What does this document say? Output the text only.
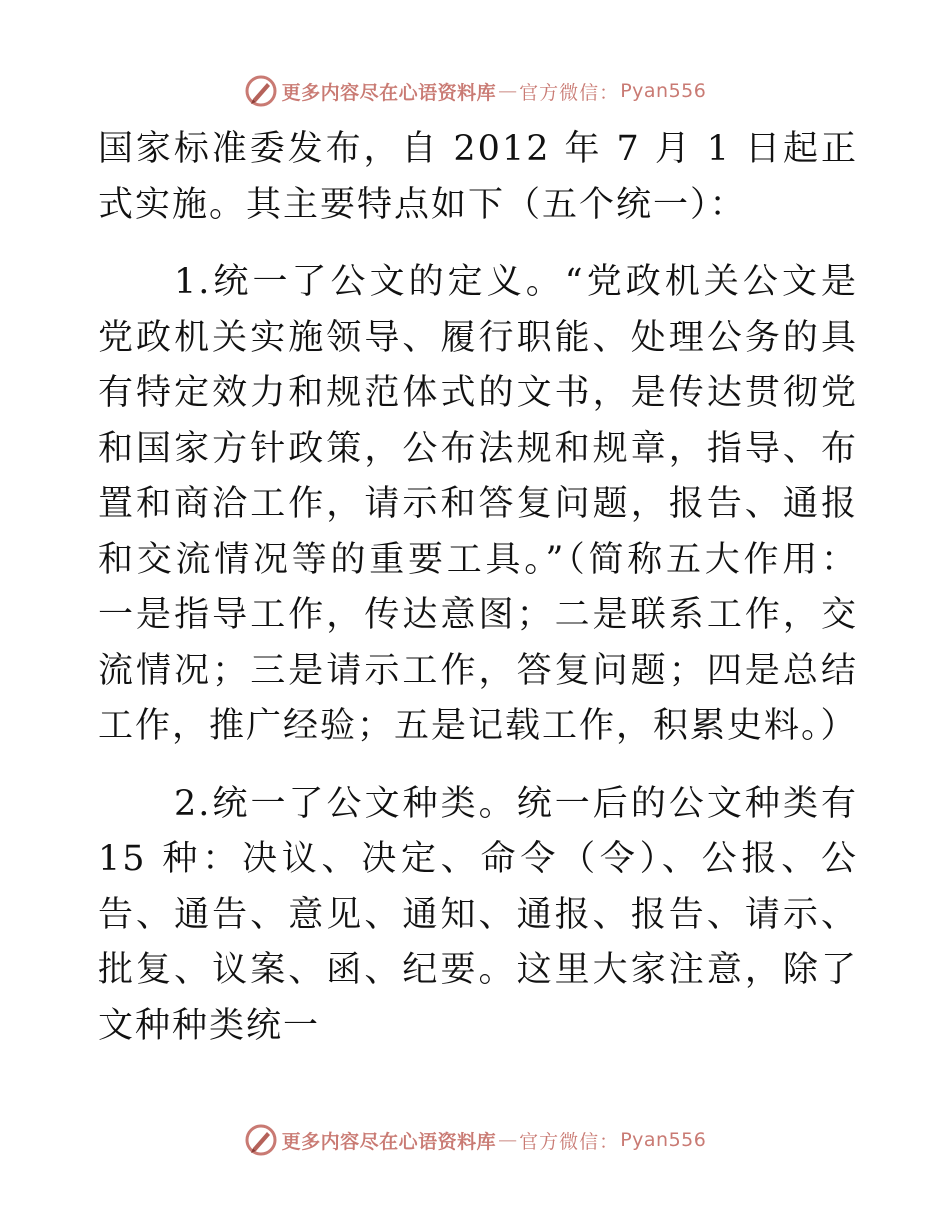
更多内容尽在心语资料库 — 官方微信 ： Pyan556

国家标准委发布，自 2012 年 7 月 1 日起正式实施。其主要特点如下（五个统一）：

1.统一了公文的定义。“党政机关公文是党政机关实施领导、履行职能、处理公务的具有特定效力和规范体式的文书，是传达贯彻党和国家方针政策，公布法规和规章，指导、布置和商洽工作，请示和答复问题，报告、通报和交流情况等的重要工具。”（简称五大作用：一是指导工作，传达意图；二是联系工作，交流情况；三是请示工作，答复问题；四是总结工作，推广经验；五是记载工作，积累史料。）

2.统一了公文种类。统一后的公文种类有 15 种：决议、决定、命令（令）、公报、公告、通告、意见、通知、通报、报告、请示、批复、议案、函、纪要。这里大家注意，除了文种种类统一

更多内容尽在心语资料库 — 官方微信 ： Pyan556
